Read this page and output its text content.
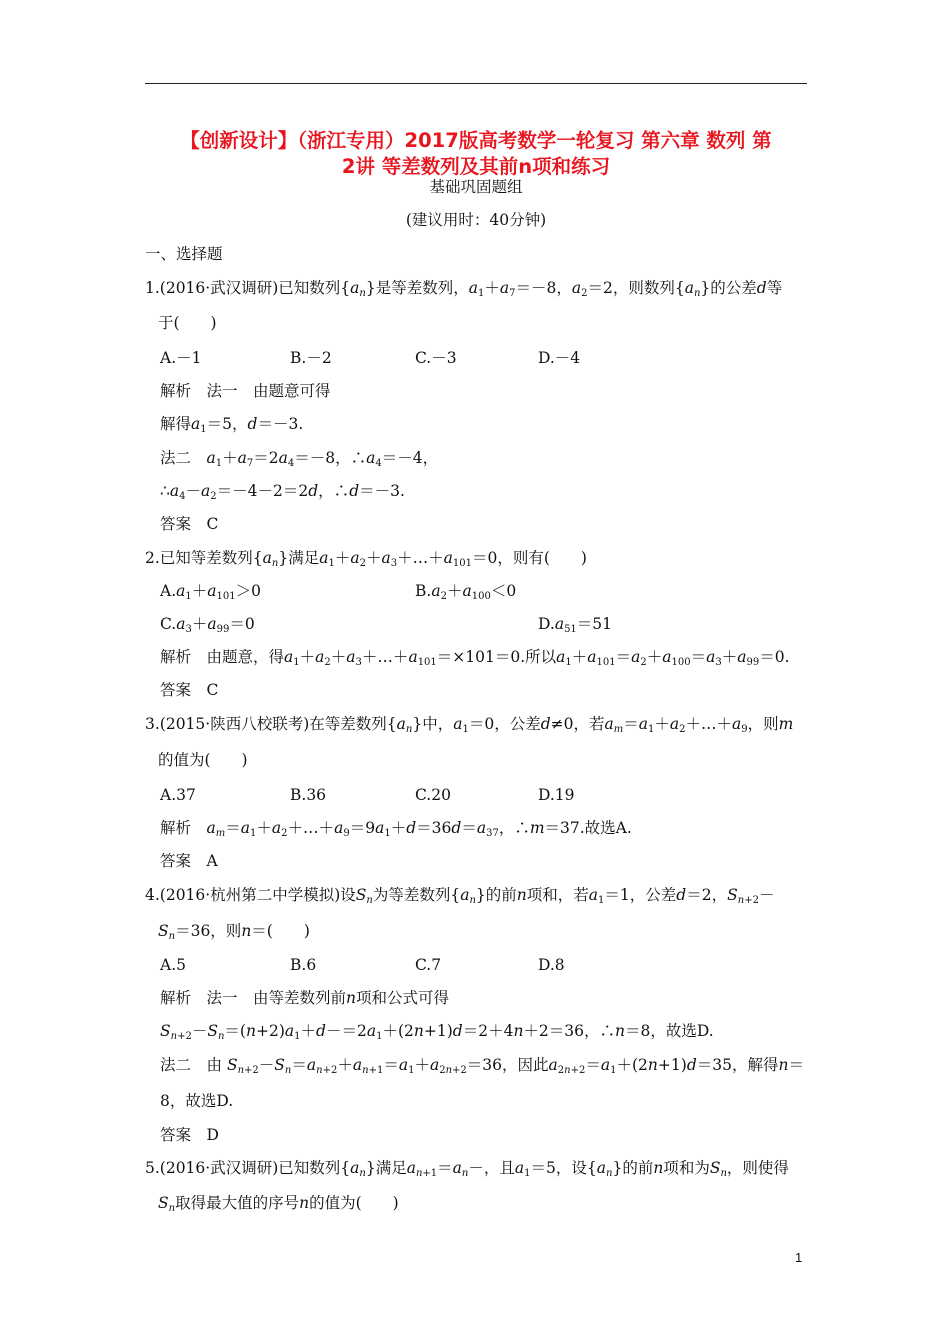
【创新设计】（浙江专用）2017版高考数学一轮复习 第六章 数列 第
2讲 等差数列及其前n项和练习
基础巩固题组
(建议用时：40分钟)
一、选择题
1.(2016·武汉调研)已知数列$\{a_n\}$是等差数列，$a_1+a_7=-8$，$a_2=2$，则数列$\{a_n\}$的公差d等
于(　　)
A.－1	B.－2	C.－3	D.－4
解析　法一　由题意可得
解得$a_1=5$，d＝－3.
法二　 $a_1+a_7=2a_4=-8$，$\therefore a_4=-4$，
$\therefore a_4-a_2=-4-2=2d$，∴d＝－3.
答案　C
2.已知等差数列$\{a_n\}$满足$a_1+a_2+a_3+\dots+a_{101}=0$，则有(　　)
$A.a_1+a_{101}>0$	$B.a_2+a_{100}<0$
$C.a_3+a_{99}=0$	$D.a_{51}=51$
解析　由题意，得$a_1+a_2+a_3+\dots+a_{101}=\times 101=0$.所以$a_1+a_{101}=a_2+a_{100}=a_3+a_{99}=0$.
答案　C
3.(2015·陕西八校联考)在等差数列$\{a_n\}$中，$a_1=0$，公差d≠0，若$a_m=a_1+a_2+\dots+a_9$，则m
的值为(　　)
A.37	B.36	C.20	D.19
解析　 $a_m=a_1+a_2+\dots+a_9=9a_1+d=36d=a_{37}$，∴m＝37.故选A.
答案　A
4.(2016·杭州第二中学模拟)设$S_n$为等差数列$\{a_n\}$的前n项和，若$a_1=1$，公差d＝2，$S_{n+2}-$
$S_n=36$，则n＝(　　)
A.5	B.6	C.7	D.8
解析　法一　由等差数列前n项和公式可得
$S_{n+2}-S_n=(n+2)a_1+d-=2a_1+(2n+1)d=2+4n+2=36$，∴n＝8，故选D.
法二　由 $S_{n+2}-S_n=a_{n+2}+a_{n+1}=a_1+a_{2n+2}=36$，因此$a_{2n+2}=a_1+(2n+1)d=35$，解得n＝
8，故选D.
答案　D
5.(2016·武汉调研)已知数列$\{a_n\}$满足$a_{n+1}=a_n-$，且$a_1=5$，设$\{a_n\}$的前n项和为$S_n$，则使得
$S_n$取得最大值的序号n的值为(　　)
1
